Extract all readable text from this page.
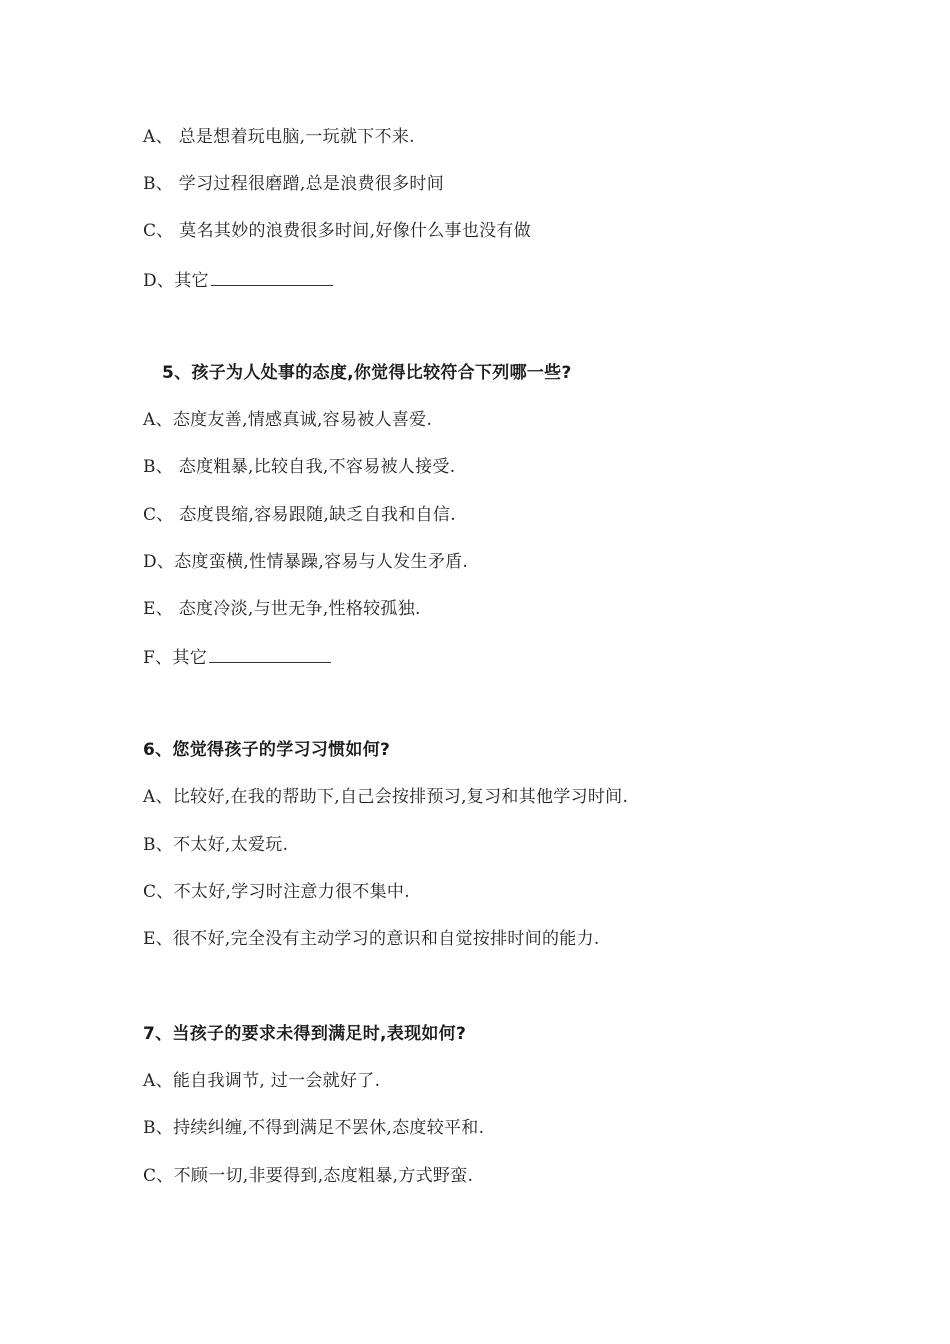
A、 总是想着玩电脑,一玩就下不来.
B、 学习过程很磨蹭,总是浪费很多时间
C、 莫名其妙的浪费很多时间,好像什么事也没有做
D、其它
5、孩子为人处事的态度,你觉得比较符合下列哪一些?
A、态度友善,情感真诚,容易被人喜爱.
B、 态度粗暴,比较自我,不容易被人接受.
C、 态度畏缩,容易跟随,缺乏自我和自信.
D、态度蛮横,性情暴躁,容易与人发生矛盾.
E、 态度冷淡,与世无争,性格较孤独.
F、其它
6、您觉得孩子的学习习惯如何?
A、比较好,在我的帮助下,自己会按排预习,复习和其他学习时间.
B、不太好,太爱玩.
C、不太好,学习时注意力很不集中.
E、很不好,完全没有主动学习的意识和自觉按排时间的能力.
7、当孩子的要求未得到满足时,表现如何?
A、能自我调节, 过一会就好了.
B、持续纠缠,不得到满足不罢休,态度较平和.
C、不顾一切,非要得到,态度粗暴,方式野蛮.
